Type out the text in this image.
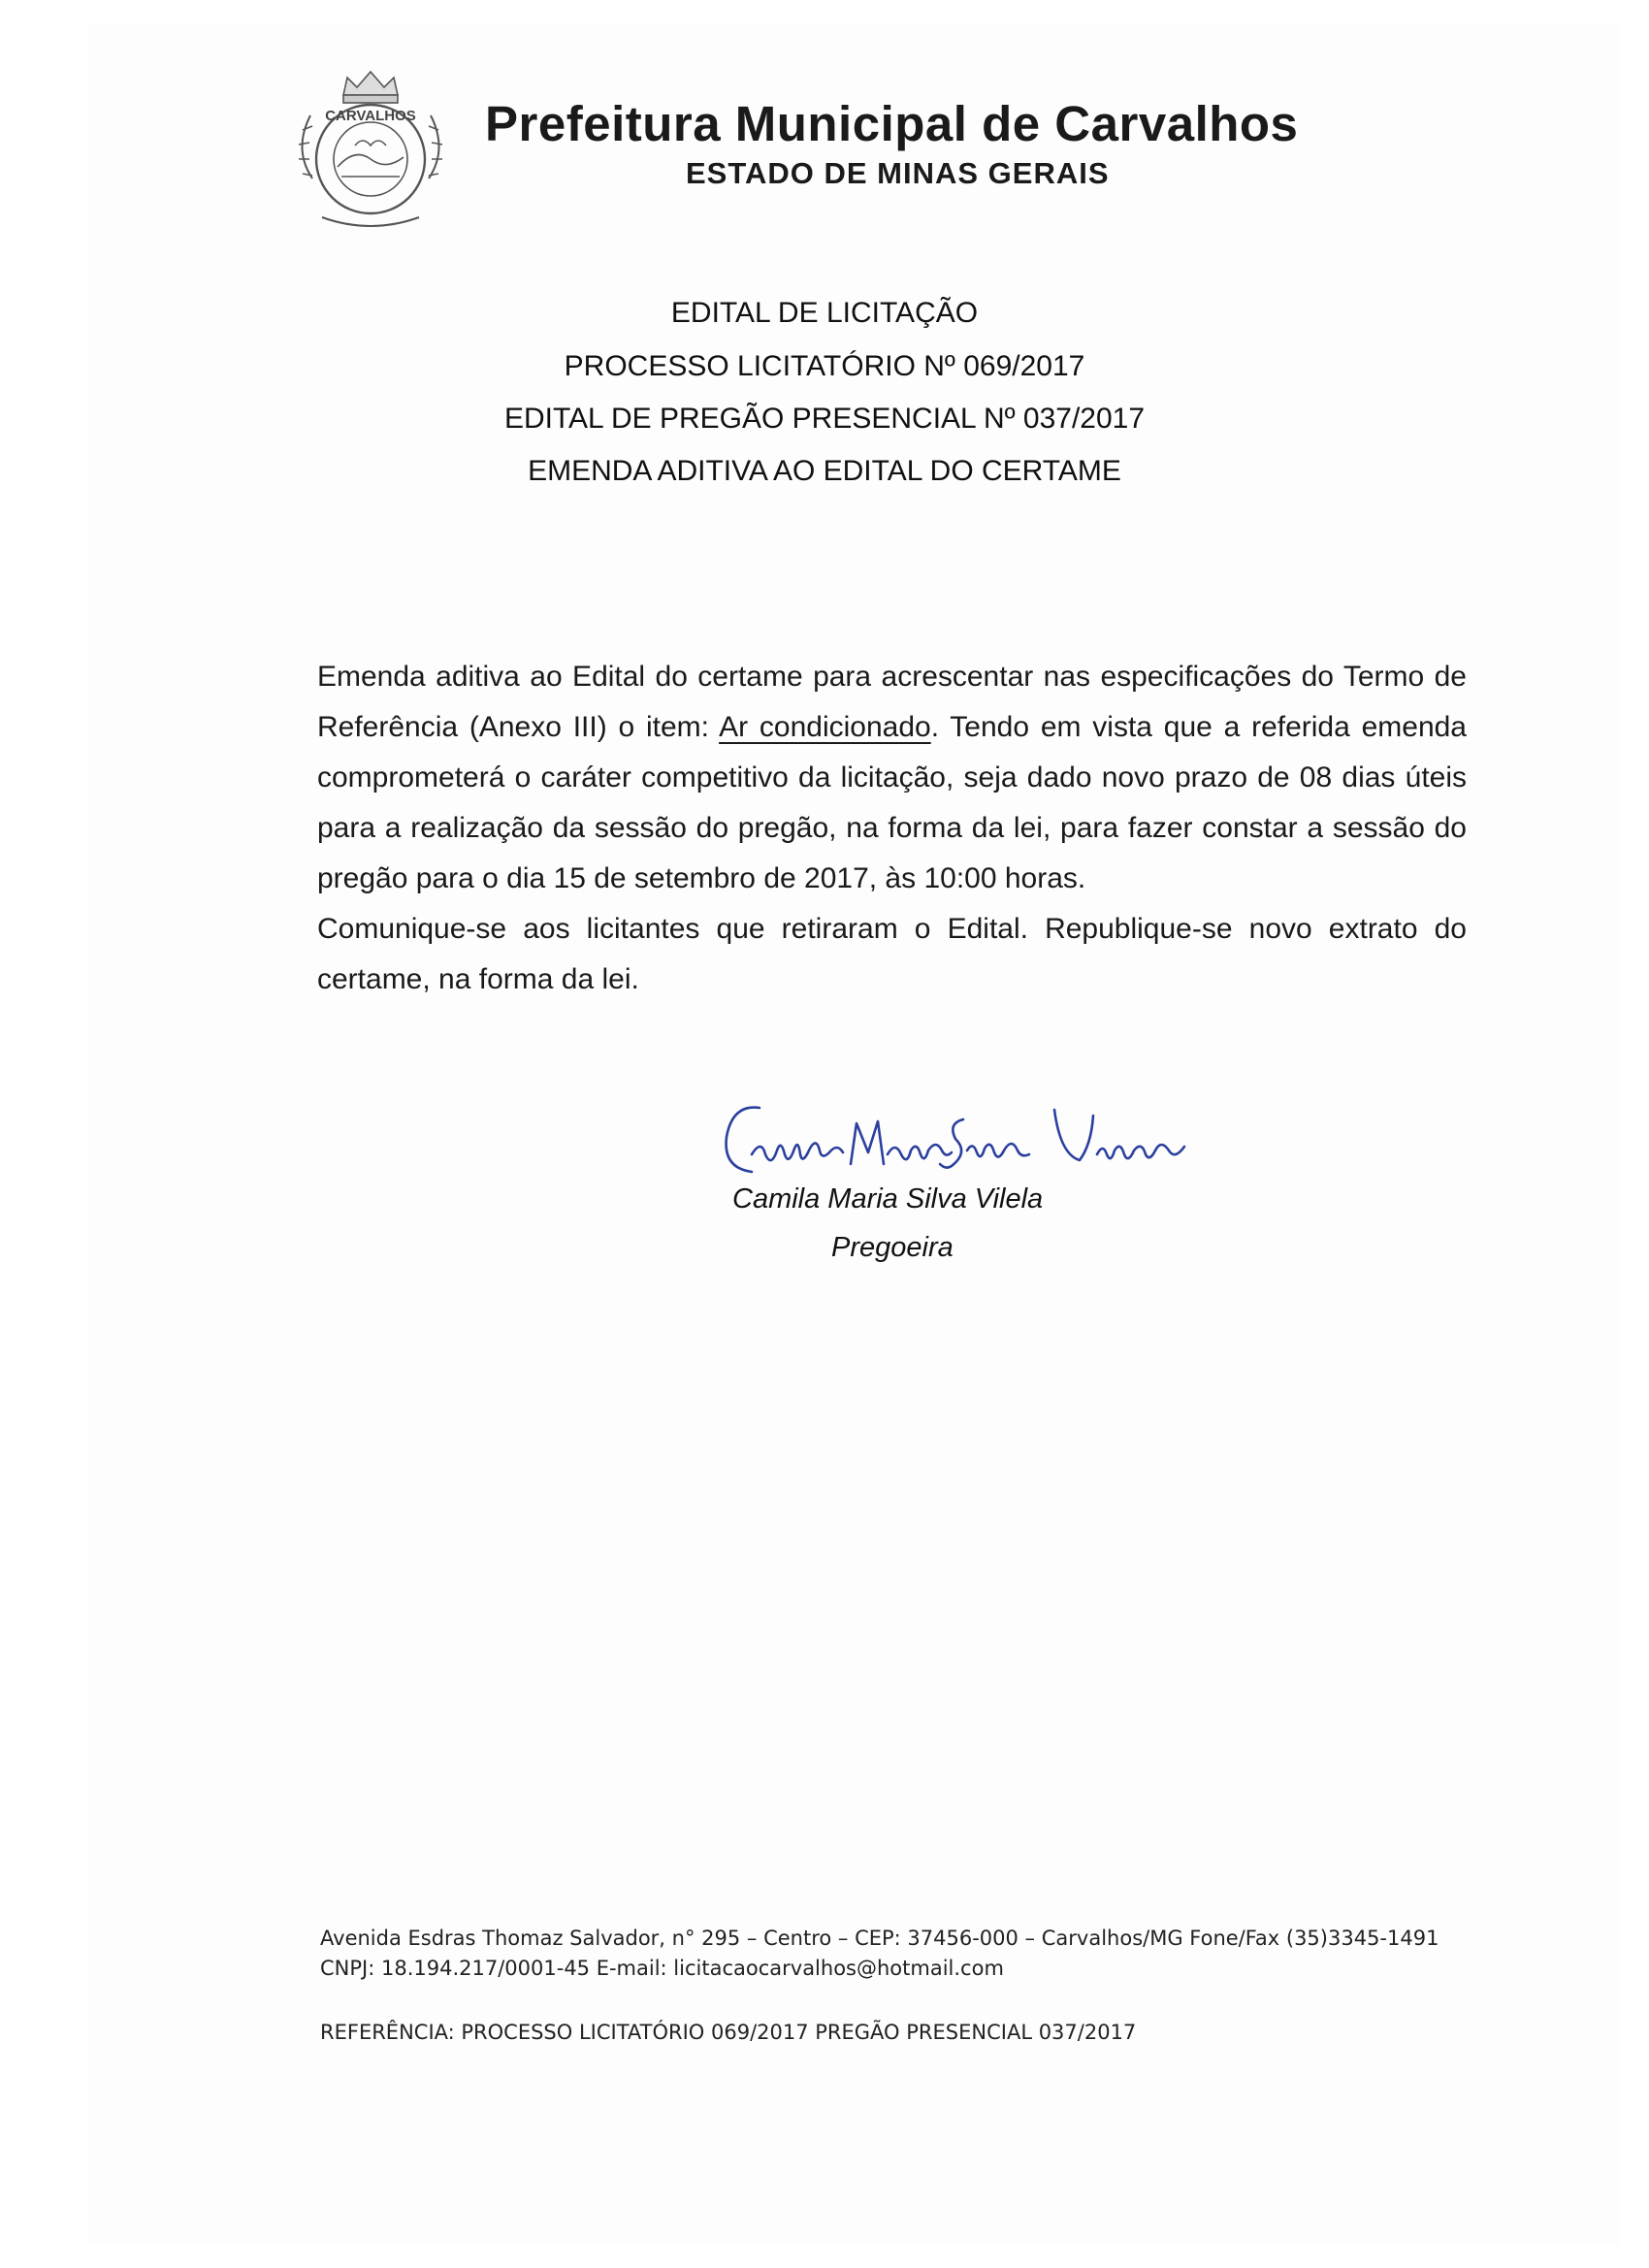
CARVALHOS Prefeitura Municipal de Carvalhos
ESTADO DE MINAS GERAIS
EDITAL DE LICITAÇÃO
PROCESSO LICITATÓRIO Nº 069/2017
EDITAL DE PREGÃO PRESENCIAL Nº 037/2017
EMENDA ADITIVA AO EDITAL DO CERTAME
Emenda aditiva ao Edital do certame para acrescentar nas especificações do Termo de Referência (Anexo III) o item: Ar condicionado. Tendo em vista que a referida emenda comprometerá o caráter competitivo da licitação, seja dado novo prazo de 08 dias úteis para a realização da sessão do pregão, na forma da lei, para fazer constar a sessão do pregão para o dia 15 de setembro de 2017, às 10:00 horas.
Comunique-se aos licitantes que retiraram o Edital. Republique-se novo extrato do certame, na forma da lei.
Camila Maria Silva Vilela
Pregoeira
Avenida Esdras Thomaz Salvador, n° 295 – Centro – CEP: 37456-000 – Carvalhos/MG Fone/Fax (35)3345-1491
CNPJ: 18.194.217/0001-45 E-mail: licitacaocarvalhos@hotmail.com
REFERÊNCIA: PROCESSO LICITATÓRIO 069/2017 PREGÃO PRESENCIAL 037/2017
